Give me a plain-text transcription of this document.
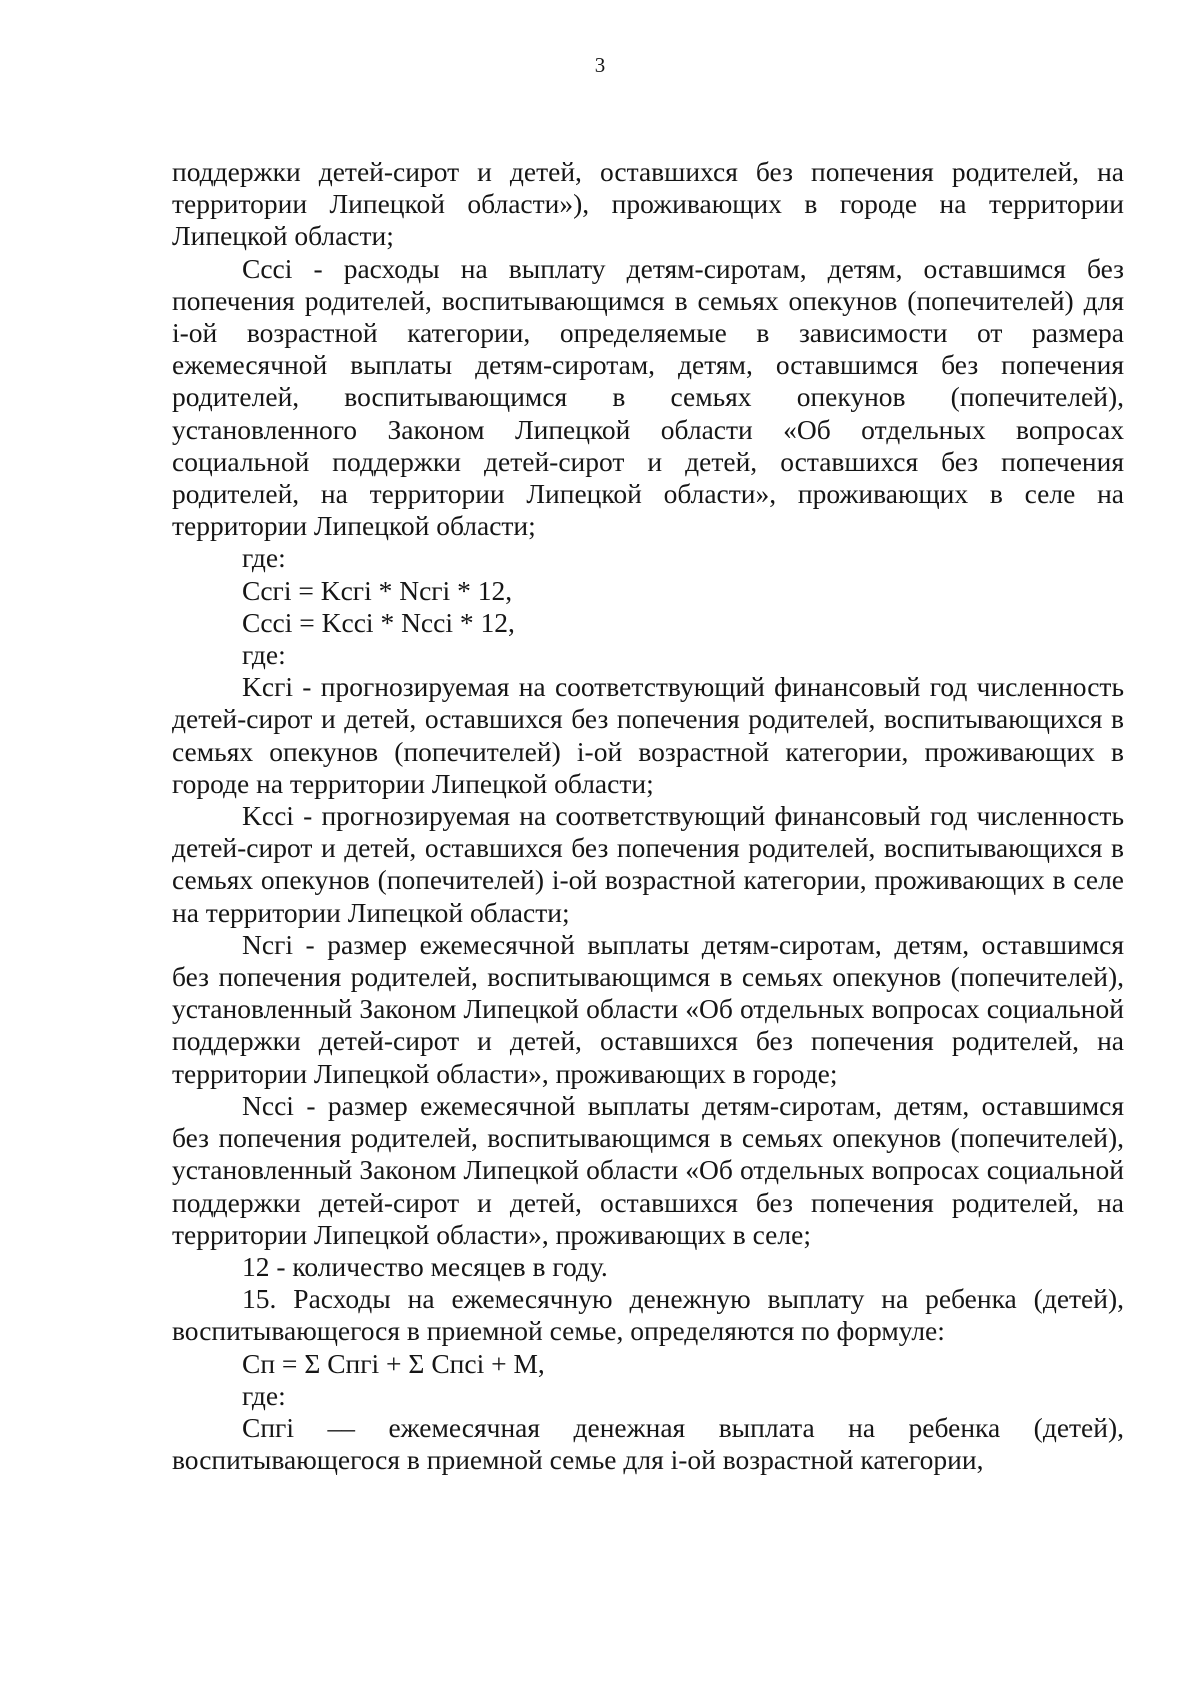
3

поддержки детей-сирот и детей, оставшихся без попечения родителей, на территории Липецкой области»), проживающих в городе на территории Липецкой области;

Cссi - расходы на выплату детям-сиротам, детям, оставшимся без попечения родителей, воспитывающимся в семьях опекунов (попечителей) для i-ой возрастной категории, определяемые в зависимости от размера ежемесячной выплаты детям-сиротам, детям, оставшимся без попечения родителей, воспитывающимся в семьях опекунов (попечителей), установленного Законом Липецкой области «Об отдельных вопросах социальной поддержки детей-сирот и детей, оставшихся без попечения родителей, на территории Липецкой области», проживающих в селе на территории Липецкой области;

где:

Cсгi = Kсгi * Nсгi * 12,

Cссi = Kссi * Nссi * 12,

где:

Kсгi - прогнозируемая на соответствующий финансовый год численность детей-сирот и детей, оставшихся без попечения родителей, воспитывающихся в семьях опекунов (попечителей) i-ой возрастной категории, проживающих в городе на территории Липецкой области;

Kссi - прогнозируемая на соответствующий финансовый год численность детей-сирот и детей, оставшихся без попечения родителей, воспитывающихся в семьях опекунов (попечителей) i-ой возрастной категории, проживающих в селе на территории Липецкой области;

Nсгi - размер ежемесячной выплаты детям-сиротам, детям, оставшимся без попечения родителей, воспитывающимся в семьях опекунов (попечителей), установленный Законом Липецкой области «Об отдельных вопросах социальной поддержки детей-сирот и детей, оставшихся без попечения родителей, на территории Липецкой области», проживающих в городе;

Nссi - размер ежемесячной выплаты детям-сиротам, детям, оставшимся без попечения родителей, воспитывающимся в семьях опекунов (попечителей), установленный Законом Липецкой области «Об отдельных вопросах социальной поддержки детей-сирот и детей, оставшихся без попечения родителей, на территории Липецкой области», проживающих в селе;

12 - количество месяцев в году.

15. Расходы на ежемесячную денежную выплату на ребенка (детей), воспитывающегося в приемной семье, определяются по формуле:

Cп = Σ Cпгi + Σ Cпсi + M,

где:

Cпгi –– ежемесячная денежная выплата на ребенка (детей), воспитывающегося в приемной семье для i-ой возрастной категории,
